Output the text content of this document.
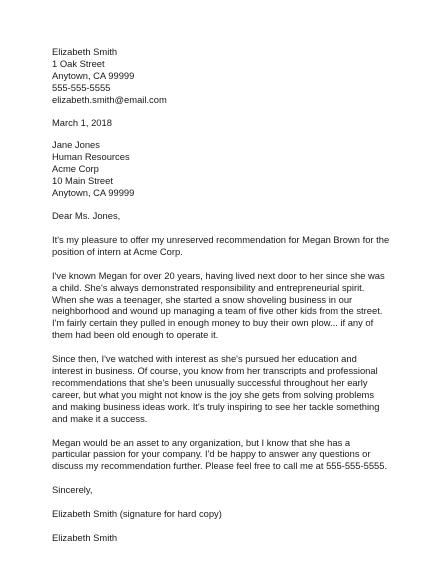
Elizabeth Smith
1 Oak Street
Anytown, CA 99999
555-555-5555
elizabeth.smith@email.com
March 1, 2018
Jane Jones
Human Resources
Acme Corp
10 Main Street
Anytown, CA 99999
Dear Ms. Jones,
It's my pleasure to offer my unreserved recommendation for Megan Brown for the
position of intern at Acme Corp.
I've known Megan for over 20 years, having lived next door to her since she was
a child. She's always demonstrated responsibility and entrepreneurial spirit.
When she was a teenager, she started a snow shoveling business in our
neighborhood and wound up managing a team of five other kids from the street.
I'm fairly certain they pulled in enough money to buy their own plow... if any of
them had been old enough to operate it.
Since then, I've watched with interest as she's pursued her education and
interest in business. Of course, you know from her transcripts and professional
recommendations that she's been unusually successful throughout her early
career, but what you might not know is the joy she gets from solving problems
and making business ideas work. It's truly inspiring to see her tackle something
and make it a success.
Megan would be an asset to any organization, but I know that she has a
particular passion for your company. I'd be happy to answer any questions or
discuss my recommendation further. Please feel free to call me at 555-555-5555.
Sincerely,
Elizabeth Smith (signature for hard copy)
Elizabeth Smith
